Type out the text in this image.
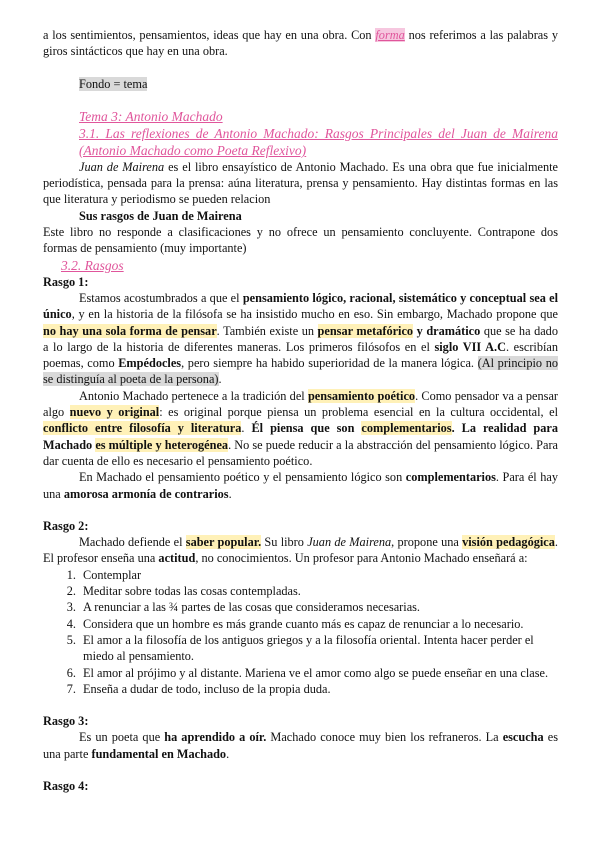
a los sentimientos, pensamientos, ideas que hay en una obra. Con forma nos referimos a las palabras y giros sintácticos que hay en una obra.

Fondo = tema

Tema 3: Antonio Machado

3.1. Las reflexiones de Antonio Machado: Rasgos Principales del Juan de Mairena (Antonio Machado como Poeta Reflexivo)

Juan de Mairena es el libro ensayístico de Antonio Machado. Es una obra que fue inicialmente periodística, pensada para la prensa: aúna literatura, prensa y pensamiento. Hay distintas formas en las que literatura y periodismo se pueden relacion

Sus rasgos de Juan de Mairena

Este libro no responde a clasificaciones y no ofrece un pensamiento concluyente. Contrapone dos formas de pensamiento (muy importante)

3.2. Rasgos

Rasgo 1:

Estamos acostumbrados a que el pensamiento lógico, racional, sistemático y conceptual sea el único, y en la historia de la filósofa se ha insistido mucho en eso. Sin embargo, Machado propone que no hay una sola forma de pensar. También existe un pensar metafórico y dramático que se ha dado a lo largo de la historia de diferentes maneras. Los primeros filósofos en el siglo VII A.C. escribían poemas, como Empédocles, pero siempre ha habido superioridad de la manera lógica. (Al principio no se distinguía al poeta de la persona).

Antonio Machado pertenece a la tradición del pensamiento poético. Como pensador va a pensar algo nuevo y original: es original porque piensa un problema esencial en la cultura occidental, el conflicto entre filosofía y literatura. Él piensa que son complementarios. La realidad para Machado es múltiple y heterogénea. No se puede reducir a la abstracción del pensamiento lógico. Para dar cuenta de ello es necesario el pensamiento poético.

En Machado el pensamiento poético y el pensamiento lógico son complementarios. Para él hay una amorosa armonía de contrarios.

Rasgo 2:

Machado defiende el saber popular. Su libro Juan de Mairena, propone una visión pedagógica. El profesor enseña una actitud, no conocimientos. Un profesor para Antonio Machado enseñará a:

1. Contemplar
2. Meditar sobre todas las cosas contempladas.
3. A renunciar a las ¾ partes de las cosas que consideramos necesarias.
4. Considera que un hombre es más grande cuanto más es capaz de renunciar a lo necesario.
5. El amor a la filosofía de los antiguos griegos y a la filosofía oriental. Intenta hacer perder el miedo al pensamiento.
6. El amor al prójimo y al distante. Mariena ve el amor como algo se puede enseñar en una clase.
7. Enseña a dudar de todo, incluso de la propia duda.

Rasgo 3:

Es un poeta que ha aprendido a oír. Machado conoce muy bien los refraneros. La escucha es una parte fundamental en Machado.

Rasgo 4:
